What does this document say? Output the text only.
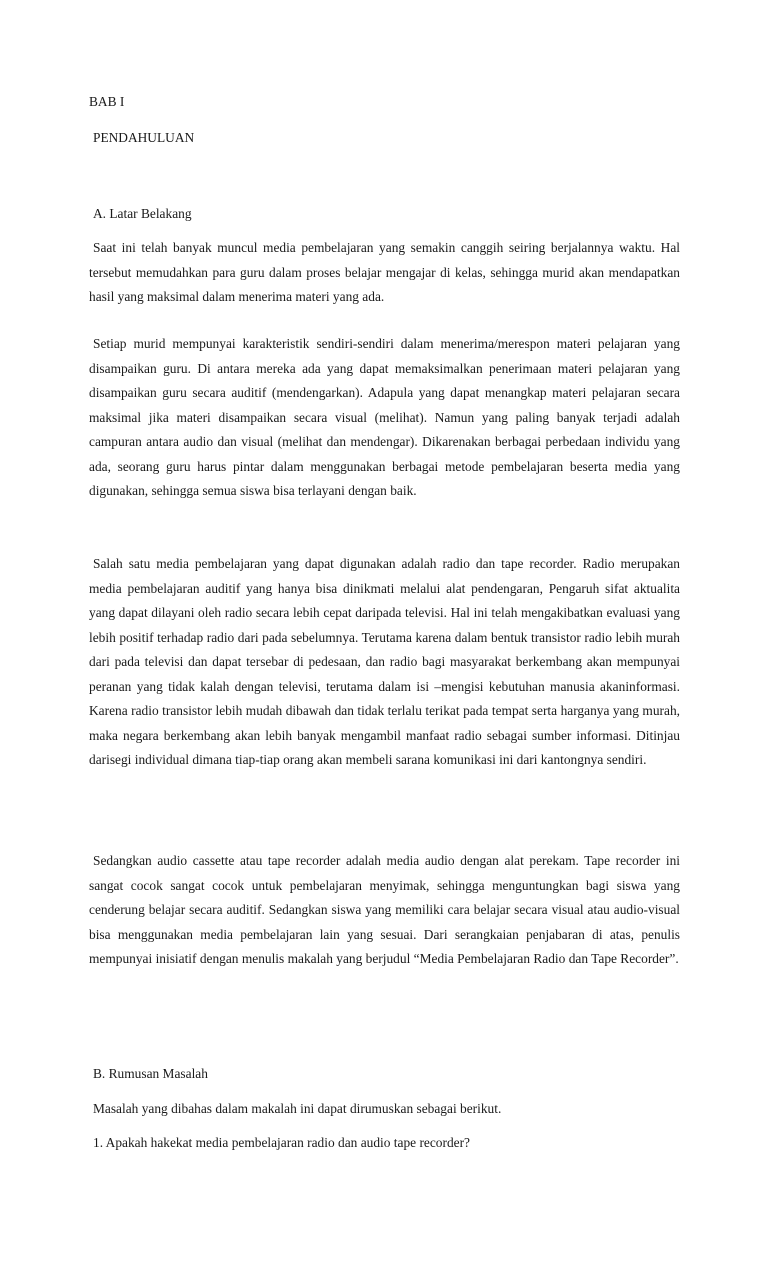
BAB I
PENDAHULUAN
A. Latar Belakang
Saat ini telah banyak muncul media pembelajaran yang semakin canggih seiring berjalannya waktu. Hal tersebut memudahkan para guru dalam proses belajar mengajar di kelas, sehingga murid akan mendapatkan hasil yang maksimal dalam menerima materi yang ada.
Setiap murid mempunyai karakteristik sendiri-sendiri dalam menerima/merespon materi pelajaran yang disampaikan guru. Di antara mereka ada yang dapat memaksimalkan penerimaan materi pelajaran yang disampaikan guru secara auditif (mendengarkan). Adapula yang dapat menangkap materi pelajaran secara maksimal jika materi disampaikan secara visual (melihat). Namun yang paling banyak terjadi adalah campuran antara audio dan visual (melihat dan mendengar). Dikarenakan berbagai perbedaan individu yang ada, seorang guru harus pintar dalam menggunakan berbagai metode pembelajaran beserta media yang digunakan, sehingga semua siswa bisa terlayani dengan baik.
Salah satu media pembelajaran yang dapat digunakan adalah radio dan tape recorder. Radio merupakan media pembelajaran auditif yang hanya bisa dinikmati melalui alat pendengaran, Pengaruh sifat aktualita yang dapat dilayani oleh radio secara lebih cepat daripada televisi. Hal ini telah mengakibatkan evaluasi yang lebih positif terhadap radio dari pada sebelumnya. Terutama karena dalam bentuk transistor radio lebih murah dari pada televisi dan dapat tersebar di pedesaan, dan radio bagi masyarakat berkembang akan mempunyai peranan yang tidak kalah dengan televisi, terutama dalam isi –mengisi kebutuhan manusia akaninformasi. Karena radio transistor lebih mudah dibawah dan tidak terlalu terikat pada tempat serta harganya yang murah, maka negara berkembang akan lebih banyak mengambil manfaat radio sebagai sumber informasi. Ditinjau darisegi individual dimana tiap-tiap orang akan membeli sarana komunikasi ini dari kantongnya sendiri.
Sedangkan audio cassette atau tape recorder adalah media audio dengan alat perekam. Tape recorder ini sangat cocok sangat cocok untuk pembelajaran menyimak, sehingga menguntungkan bagi siswa yang cenderung belajar secara auditif. Sedangkan siswa yang memiliki cara belajar secara visual atau audio-visual bisa menggunakan media pembelajaran lain yang sesuai. Dari serangkaian penjabaran di atas, penulis mempunyai inisiatif dengan menulis makalah yang berjudul “Media Pembelajaran Radio dan Tape Recorder”.
B. Rumusan Masalah
Masalah yang dibahas dalam makalah ini dapat dirumuskan sebagai berikut.
1. Apakah hakekat media pembelajaran radio dan audio tape recorder?
